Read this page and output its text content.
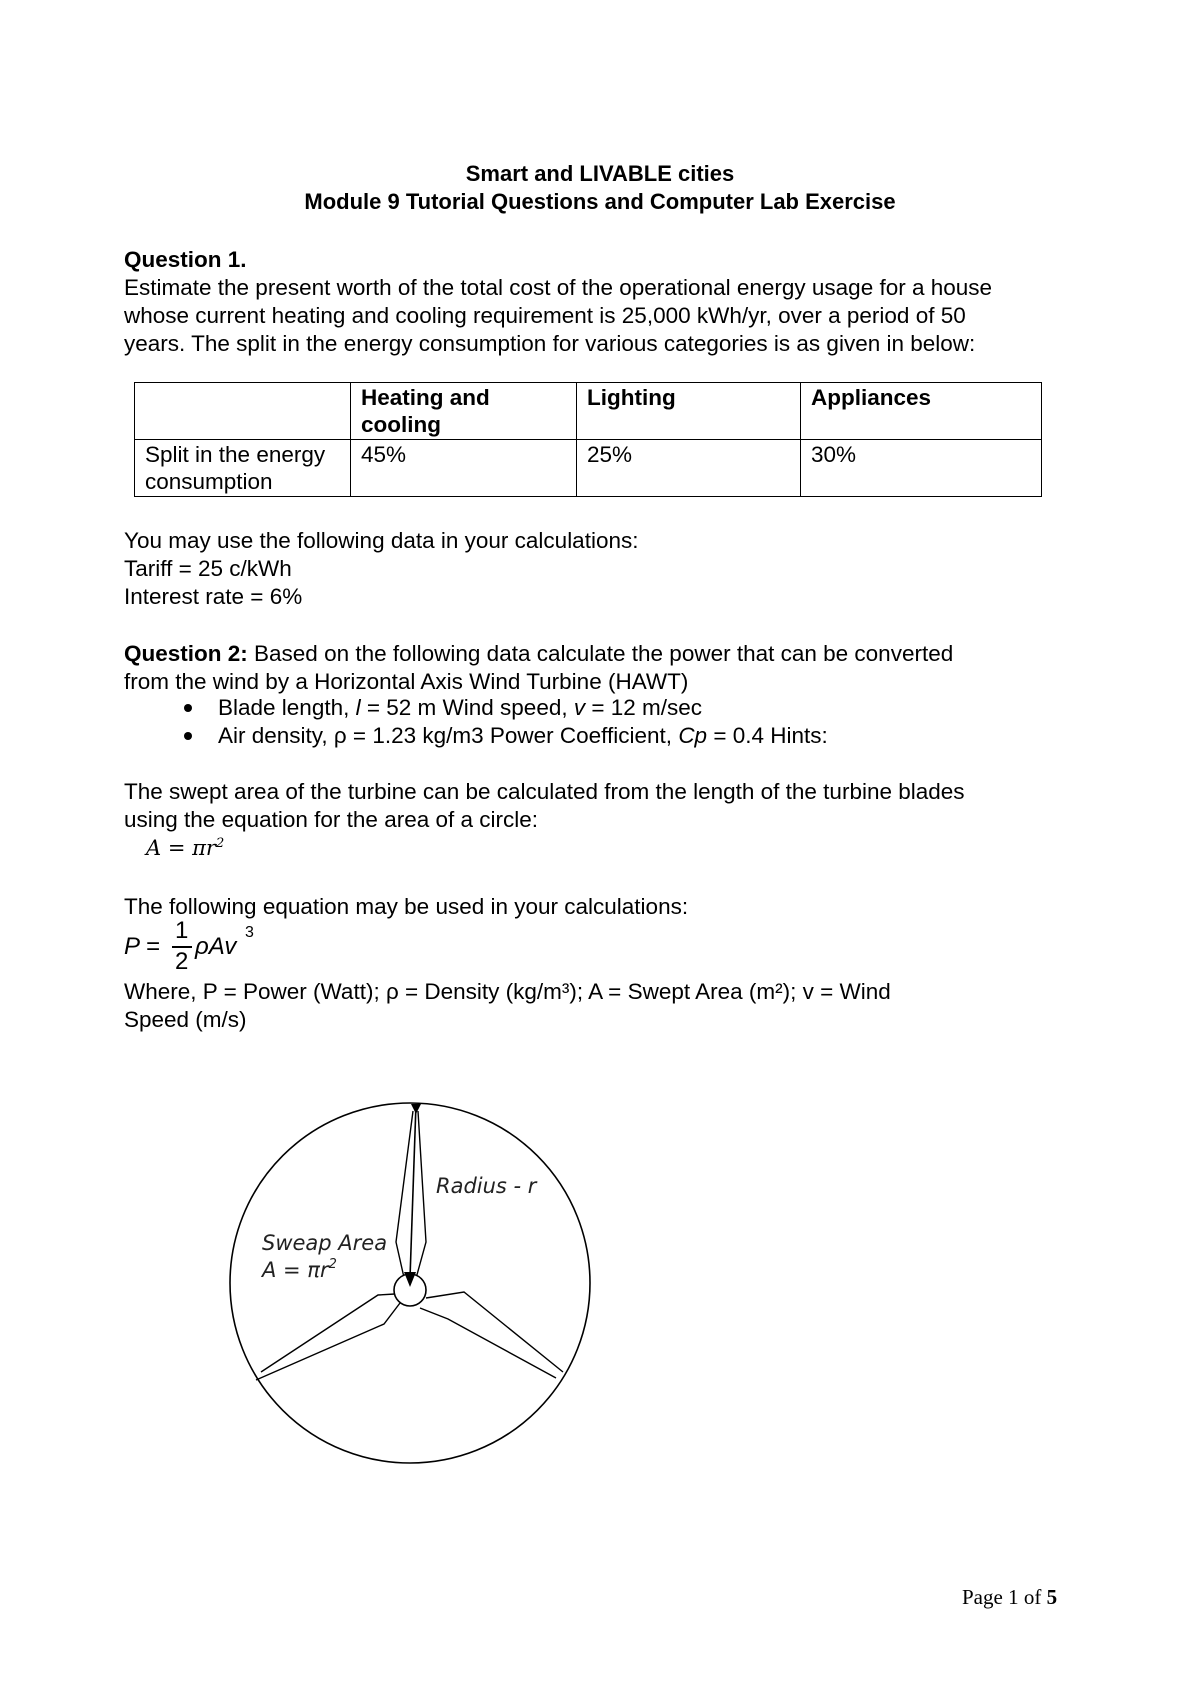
Smart and LIVABLE cities

Module 9 Tutorial Questions and Computer Lab Exercise

Question 1.

Estimate the present worth of the total cost of the operational energy usage for a house

whose current heating and cooling requirement is 25,000 kWh/yr, over a period of 50

years. The split in the energy consumption for various categories is as given in below:

	Heating and
cooling	Lighting	Appliances

Split in the energy
consumption	45%	25%	30%

You may use the following data in your calculations:

Tariff = 25 c/kWh

Interest rate = 6%

Question 2: Based on the following data calculate the power that can be converted

from the wind by a Horizontal Axis Wind Turbine (HAWT)

Blade length, l = 52 m Wind speed, v = 12 m/sec
Air density, ρ = 1.23 kg/m3 Power Coefficient, Cp = 0.4 Hints:

The swept area of the turbine can be calculated from the length of the turbine blades

using the equation for the area of a circle:

$A = \pi r^2$

The following equation may be used in your calculations:

P =
1
2
ρAv
3

Where, P = Power (Watt); ρ = Density (kg/m³); A = Swept Area (m²); v = Wind

Speed (m/s)

Radius - r
Sweap Area
$A = \pi r^2$
Page 1 of 5
